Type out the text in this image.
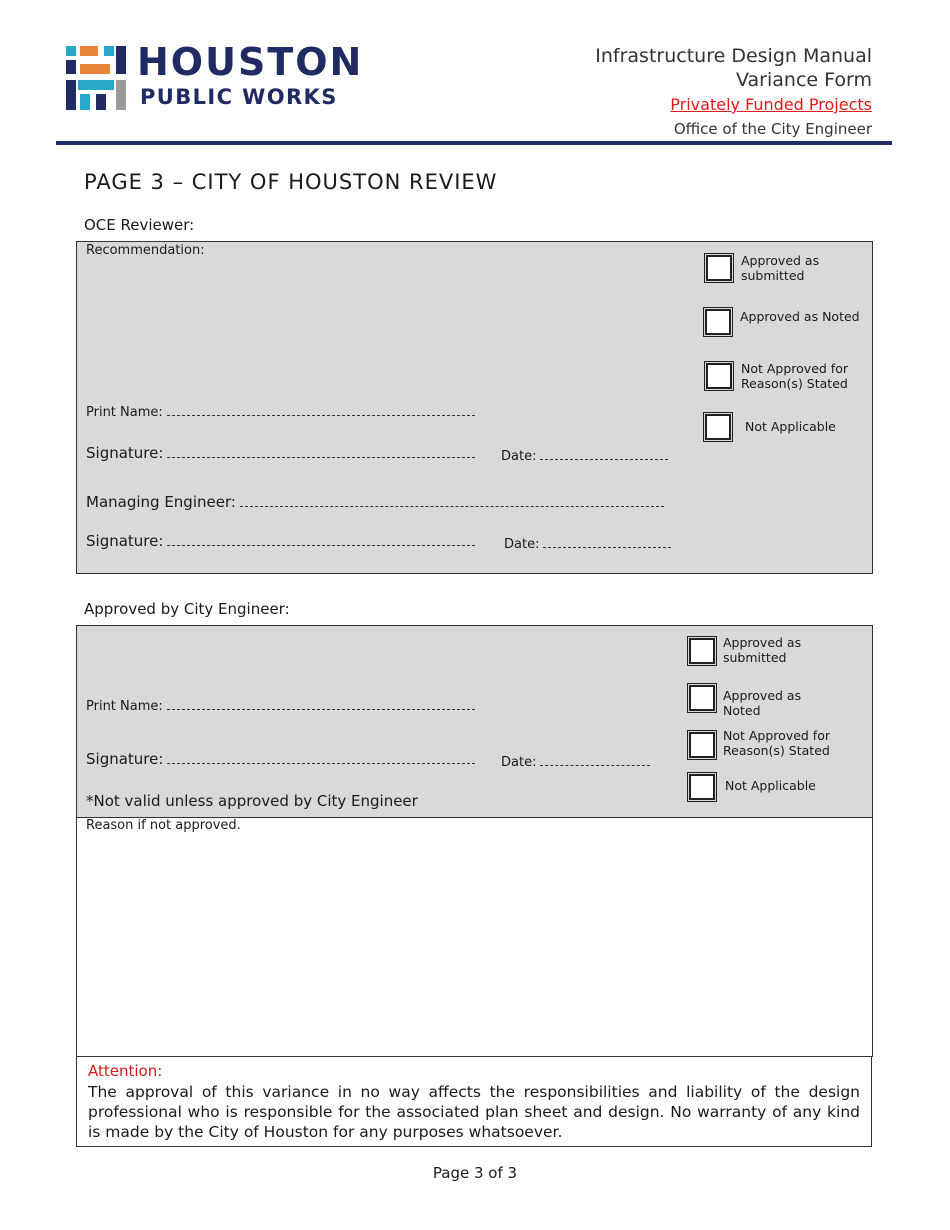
HOUSTON
PUBLIC WORKS
Infrastructure Design Manual
Variance Form
Privately Funded Projects
Office of the City Engineer
PAGE 3 – CITY OF HOUSTON REVIEW
OCE Reviewer:
Recommendation:
Print Name:
Signature:	Date:
Managing Engineer:
Signature:	Date:
Approved as submitted
Approved as Noted
Not Approved for Reason(s) Stated
Not Applicable
Approved by City Engineer:
Print Name:
Signature:	Date:
*Not valid unless approved by City Engineer
Approved as submitted
Approved as Noted
Not Approved for Reason(s) Stated
Not Applicable
Reason if not approved.
Attention:
The approval of this variance in no way affects the responsibilities and liability of the design professional who is responsible for the associated plan sheet and design. No warranty of any kind is made by the City of Houston for any purposes whatsoever.
Page 3 of 3
